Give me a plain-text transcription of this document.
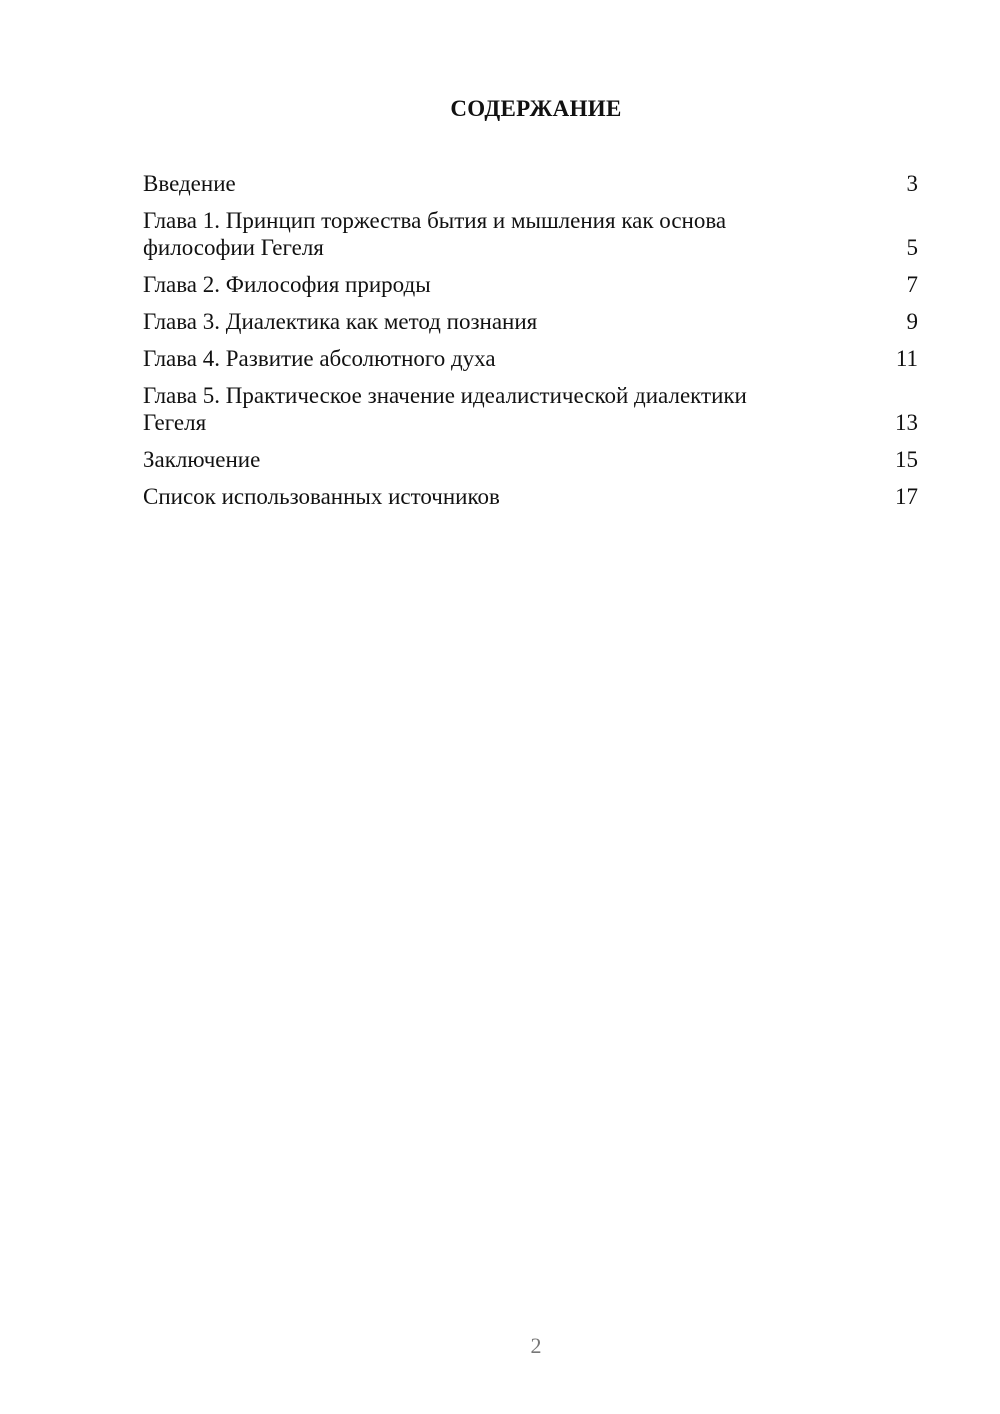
СОДЕРЖАНИЕ
Введение	3
Глава 1. Принцип торжества бытия и мышления как основа
философии Гегеля	5
Глава 2. Философия природы	7
Глава 3. Диалектика как метод познания	9
Глава 4. Развитие абсолютного духа	11
Глава 5. Практическое значение идеалистической диалектики
Гегеля	13
Заключение	15
Список использованных источников	17
2
